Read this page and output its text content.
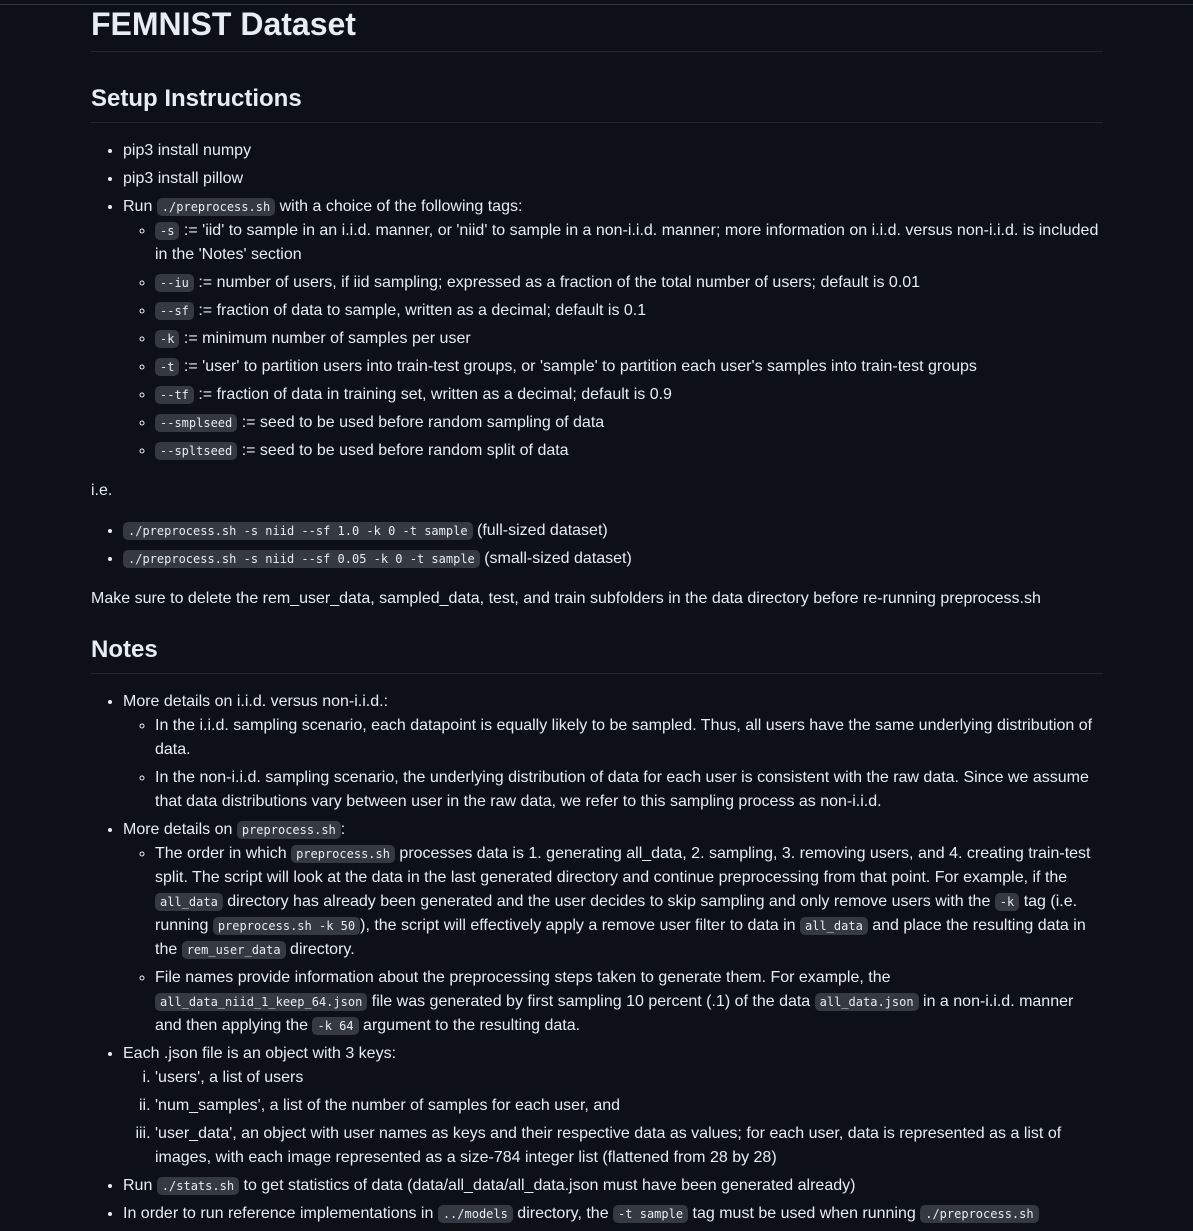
FEMNIST Dataset
Setup Instructions
• pip3 install numpy
• pip3 install pillow
• Run ./preprocess.sh with a choice of the following tags:
◦ -s := 'iid' to sample in an i.i.d. manner, or 'niid' to sample in a non-i.i.d. manner; more information on i.i.d. versus non-i.i.d. is included in the 'Notes' section
◦ --iu := number of users, if iid sampling; expressed as a fraction of the total number of users; default is 0.01
◦ --sf := fraction of data to sample, written as a decimal; default is 0.1
◦ -k := minimum number of samples per user
◦ -t := 'user' to partition users into train-test groups, or 'sample' to partition each user's samples into train-test groups
◦ --tf := fraction of data in training set, written as a decimal; default is 0.9
◦ --smplseed := seed to be used before random sampling of data
◦ --spltseed := seed to be used before random split of data

i.e.

• ./preprocess.sh -s niid --sf 1.0 -k 0 -t sample (full-sized dataset)
• ./preprocess.sh -s niid --sf 0.05 -k 0 -t sample (small-sized dataset)

Make sure to delete the rem_user_data, sampled_data, test, and train subfolders in the data directory before re-running preprocess.sh

Notes
• More details on i.i.d. versus non-i.i.d.:
◦ In the i.i.d. sampling scenario, each datapoint is equally likely to be sampled. Thus, all users have the same underlying distribution of data.
◦ In the non-i.i.d. sampling scenario, the underlying distribution of data for each user is consistent with the raw data. Since we assume that data distributions vary between user in the raw data, we refer to this sampling process as non-i.i.d.
• More details on preprocess.sh :
◦ The order in which preprocess.sh processes data is 1. generating all_data, 2. sampling, 3. removing users, and 4. creating train-test split. The script will look at the data in the last generated directory and continue preprocessing from that point. For example, if the all_data directory has already been generated and the user decides to skip sampling and only remove users with the -k tag (i.e. running preprocess.sh -k 50 ), the script will effectively apply a remove user filter to data in all_data and place the resulting data in the rem_user_data directory.
◦ File names provide information about the preprocessing steps taken to generate them. For example, the all_data_niid_1_keep_64.json file was generated by first sampling 10 percent (.1) of the data all_data.json in a non-i.i.d. manner and then applying the -k 64 argument to the resulting data.
• Each .json file is an object with 3 keys:
i. 'users', a list of users
ii. 'num_samples', a list of the number of samples for each user, and
iii. 'user_data', an object with user names as keys and their respective data as values; for each user, data is represented as a list of images, with each image represented as a size-784 integer list (flattened from 28 by 28)
• Run ./stats.sh to get statistics of data (data/all_data/all_data.json must have been generated already)
• In order to run reference implementations in ../models directory, the -t sample tag must be used when running ./preprocess.sh
